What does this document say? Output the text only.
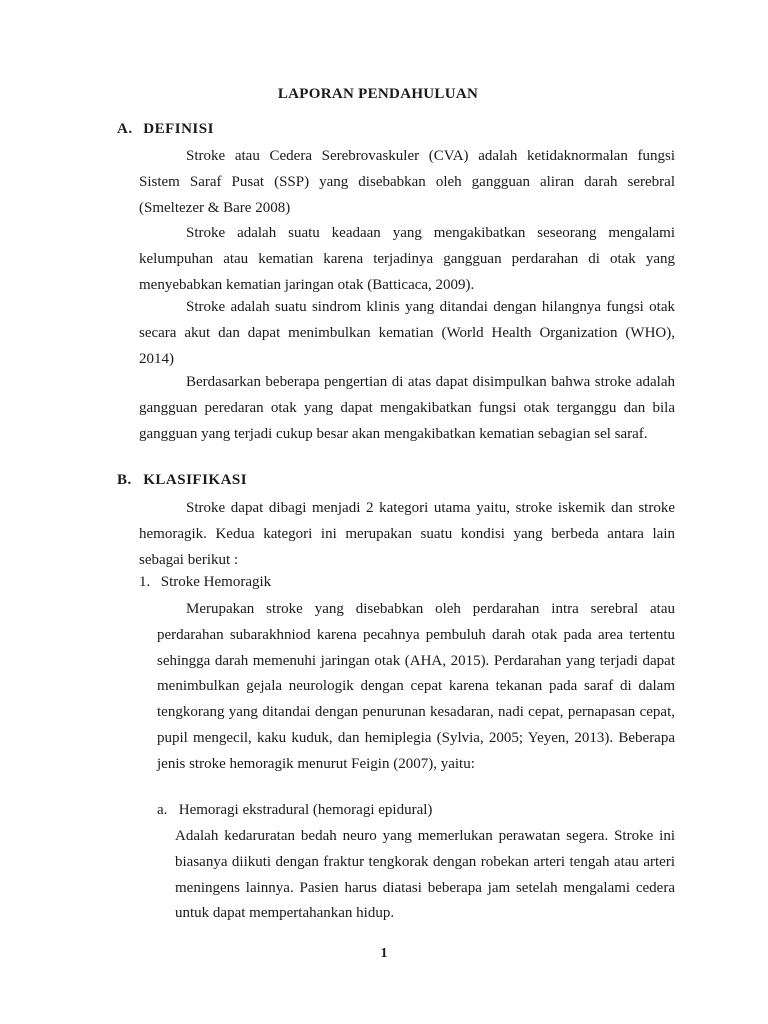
LAPORAN PENDAHULUAN
A. DEFINISI

Stroke atau Cedera Serebrovaskuler (CVA) adalah ketidaknormalan fungsi Sistem Saraf Pusat (SSP) yang disebabkan oleh gangguan aliran darah serebral (Smeltezer & Bare 2008)

Stroke adalah suatu keadaan yang mengakibatkan seseorang mengalami kelumpuhan atau kematian karena terjadinya gangguan perdarahan di otak yang menyebabkan kematian jaringan otak (Batticaca, 2009).

Stroke adalah suatu sindrom klinis yang ditandai dengan hilangnya fungsi otak secara akut dan dapat menimbulkan kematian (World Health Organization (WHO), 2014)

Berdasarkan beberapa pengertian di atas dapat disimpulkan bahwa stroke adalah gangguan peredaran otak yang dapat mengakibatkan fungsi otak terganggu dan bila gangguan yang terjadi cukup besar akan mengakibatkan kematian sebagian sel saraf.

B. KLASIFIKASI

Stroke dapat dibagi menjadi 2 kategori utama yaitu, stroke iskemik dan stroke hemoragik. Kedua kategori ini merupakan suatu kondisi yang berbeda antara lain sebagai berikut :

1. Stroke Hemoragik

Merupakan stroke yang disebabkan oleh perdarahan intra serebral atau perdarahan subarakhniod karena pecahnya pembuluh darah otak pada area tertentu sehingga darah memenuhi jaringan otak (AHA, 2015). Perdarahan yang terjadi dapat menimbulkan gejala neurologik dengan cepat karena tekanan pada saraf di dalam tengkorang yang ditandai dengan penurunan kesadaran, nadi cepat, pernapasan cepat, pupil mengecil, kaku kuduk, dan hemiplegia (Sylvia, 2005; Yeyen, 2013). Beberapa jenis stroke hemoragik menurut Feigin (2007), yaitu:

a. Hemoragi ekstradural (hemoragi epidural)

Adalah kedaruratan bedah neuro yang memerlukan perawatan segera. Stroke ini biasanya diikuti dengan fraktur tengkorak dengan robekan arteri tengah atau arteri meningens lainnya. Pasien harus diatasi beberapa jam setelah mengalami cedera untuk dapat mempertahankan hidup.

1
